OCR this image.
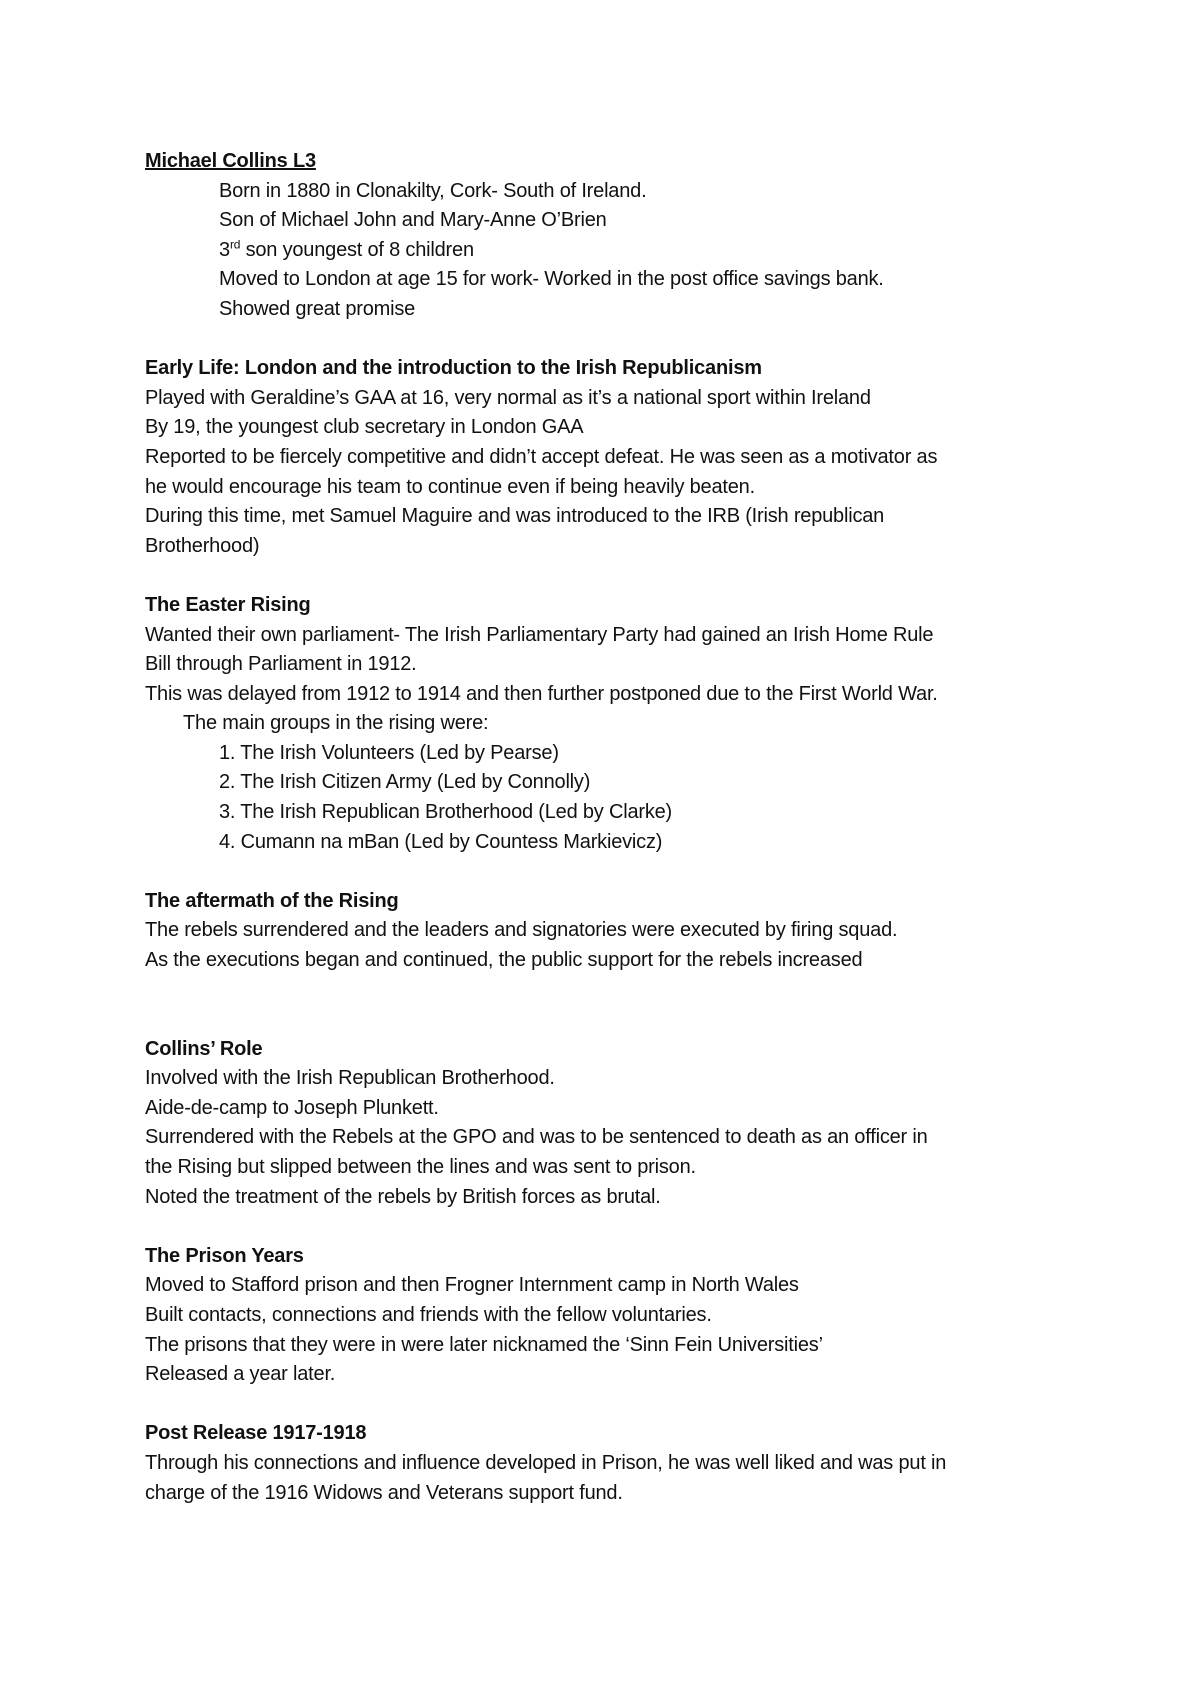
Michael Collins L3
Born in 1880 in Clonakilty, Cork- South of Ireland.
Son of Michael John and Mary-Anne O’Brien
3rd son youngest of 8 children
Moved to London at age 15 for work- Worked in the post office savings bank.
Showed great promise
Early Life: London and the introduction to the Irish Republicanism
Played with Geraldine’s GAA at 16, very normal as it’s a national sport within Ireland
By 19, the youngest club secretary in London GAA
Reported to be fiercely competitive and didn’t accept defeat. He was seen as a motivator as
he would encourage his team to continue even if being heavily beaten.
During this time, met Samuel Maguire and was introduced to the IRB (Irish republican
Brotherhood)
The Easter Rising
Wanted their own parliament- The Irish Parliamentary Party had gained an Irish Home Rule
Bill through Parliament in 1912.
This was delayed from 1912 to 1914 and then further postponed due to the First World War.
The main groups in the rising were:
1. The Irish Volunteers (Led by Pearse)
2. The Irish Citizen Army (Led by Connolly)
3. The Irish Republican Brotherhood (Led by Clarke)
4. Cumann na mBan (Led by Countess Markievicz)
The aftermath of the Rising
The rebels surrendered and the leaders and signatories were executed by firing squad.
As the executions began and continued, the public support for the rebels increased
Collins’ Role
Involved with the Irish Republican Brotherhood.
Aide-de-camp to Joseph Plunkett.
Surrendered with the Rebels at the GPO and was to be sentenced to death as an officer in
the Rising but slipped between the lines and was sent to prison.
Noted the treatment of the rebels by British forces as brutal.
The Prison Years
Moved to Stafford prison and then Frogner Internment camp in North Wales
Built contacts, connections and friends with the fellow voluntaries.
The prisons that they were in were later nicknamed the ‘Sinn Fein Universities’
Released a year later.
Post Release 1917-1918
Through his connections and influence developed in Prison, he was well liked and was put in
charge of the 1916 Widows and Veterans support fund.
